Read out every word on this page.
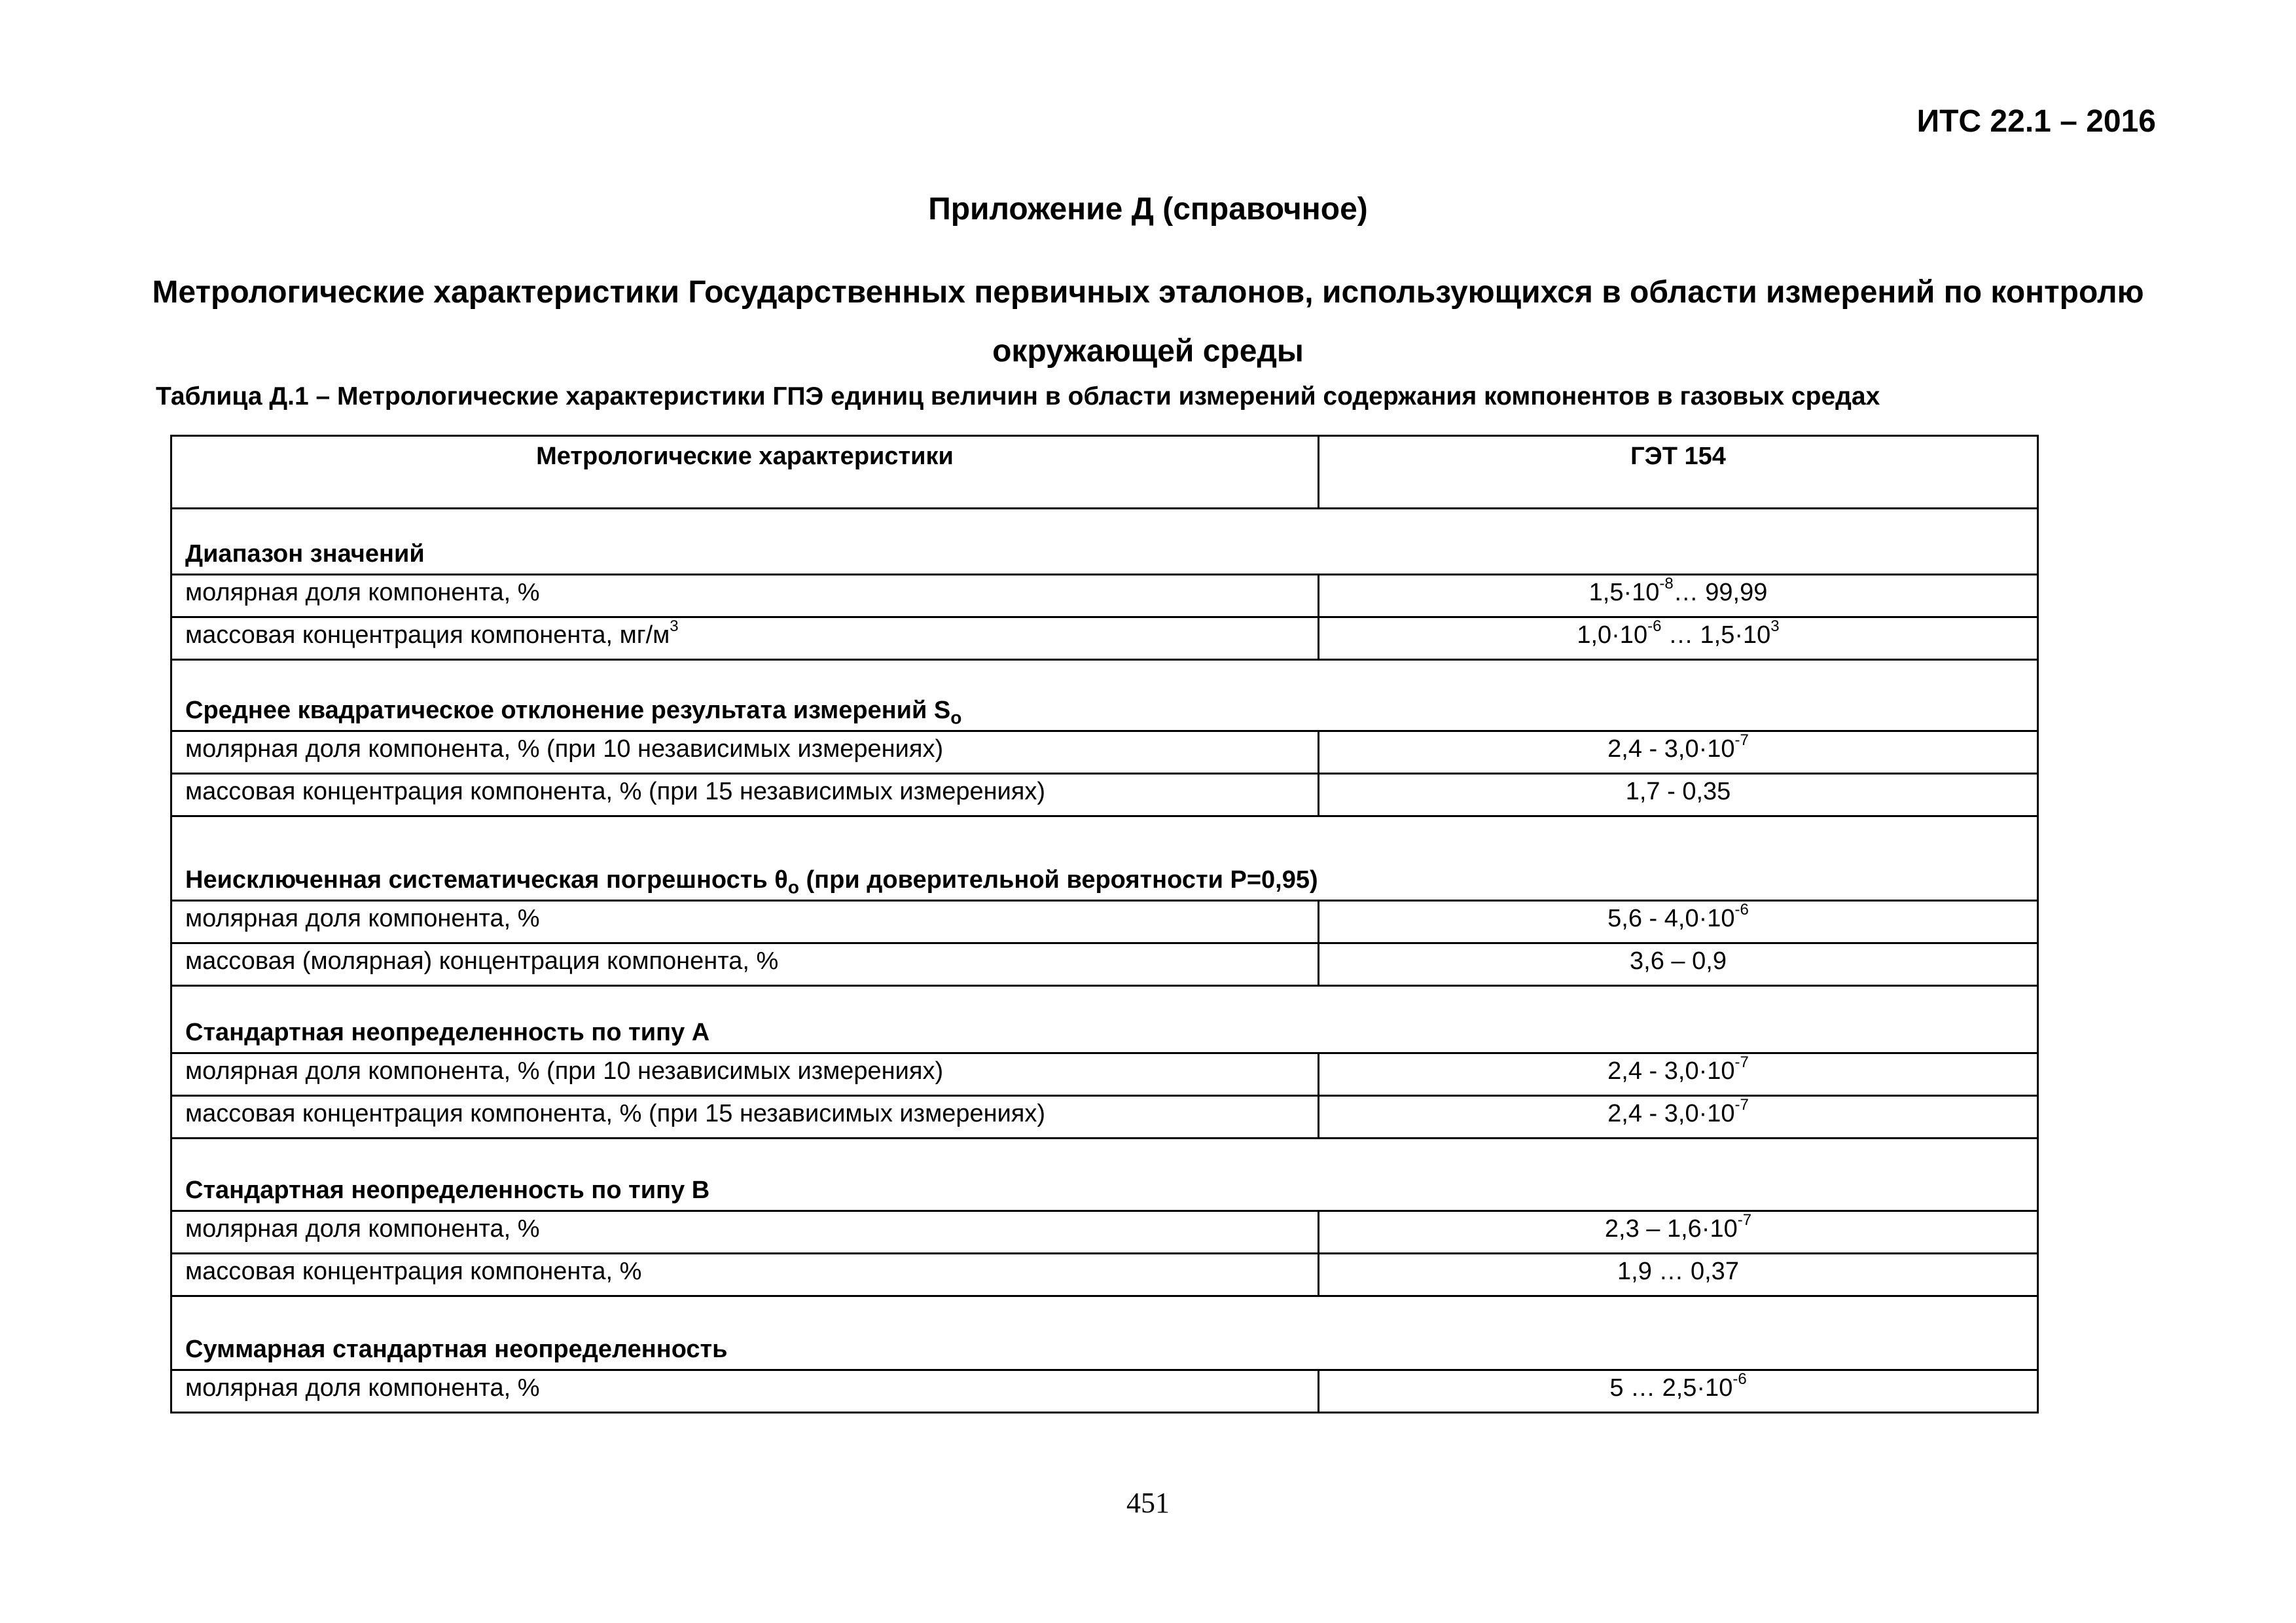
ИТС 22.1 – 2016
Приложение Д (справочное)
Метрологические характеристики Государственных первичных эталонов, использующихся в области измерений по контролю окружающей среды
Таблица Д.1 – Метрологические характеристики ГПЭ единиц величин в области измерений содержания компонентов в газовых средах
Метрологические характеристики	ГЭТ 154
Диапазон значений	
молярная доля компонента, %	$1,5\cdot 10^{-8}\dots$ 99,99
массовая концентрация компонента, $мг/м^3$	$1,0\cdot 10^{-6}$ … $1,5\cdot 10^3$
Среднее квадратическое отклонение результата измерений $S_о$
молярная доля компонента, % (при 10 независимых измерениях)	$2,4 - 3,0\cdot 10^{-7}$
массовая концентрация компонента, % (при 15 независимых измерениях)	1,7 - 0,35
Неисключенная систематическая погрешность $\theta_о$ (при доверительной вероятности Р=0,95)	
молярная доля компонента, %	$5,6 - 4,0\cdot 10^{-6}$
массовая (молярная) концентрация компонента, %	3,6 – 0,9
Стандартная неопределенность по типу А	
молярная доля компонента, % (при 10 независимых измерениях)	$2,4 - 3,0\cdot 10^{-7}$
массовая концентрация компонента, % (при 15 независимых измерениях)	$2,4 - 3,0\cdot 10^{-7}$
Стандартная неопределенность по типу В	
молярная доля компонента, %	$2,3 - 1,6\cdot 10^{-7}$
массовая концентрация компонента, %	1,9 … 0,37
Суммарная стандартная неопределенность	
молярная доля компонента, %	5 … $2,5\cdot 10^{-6}$
451
